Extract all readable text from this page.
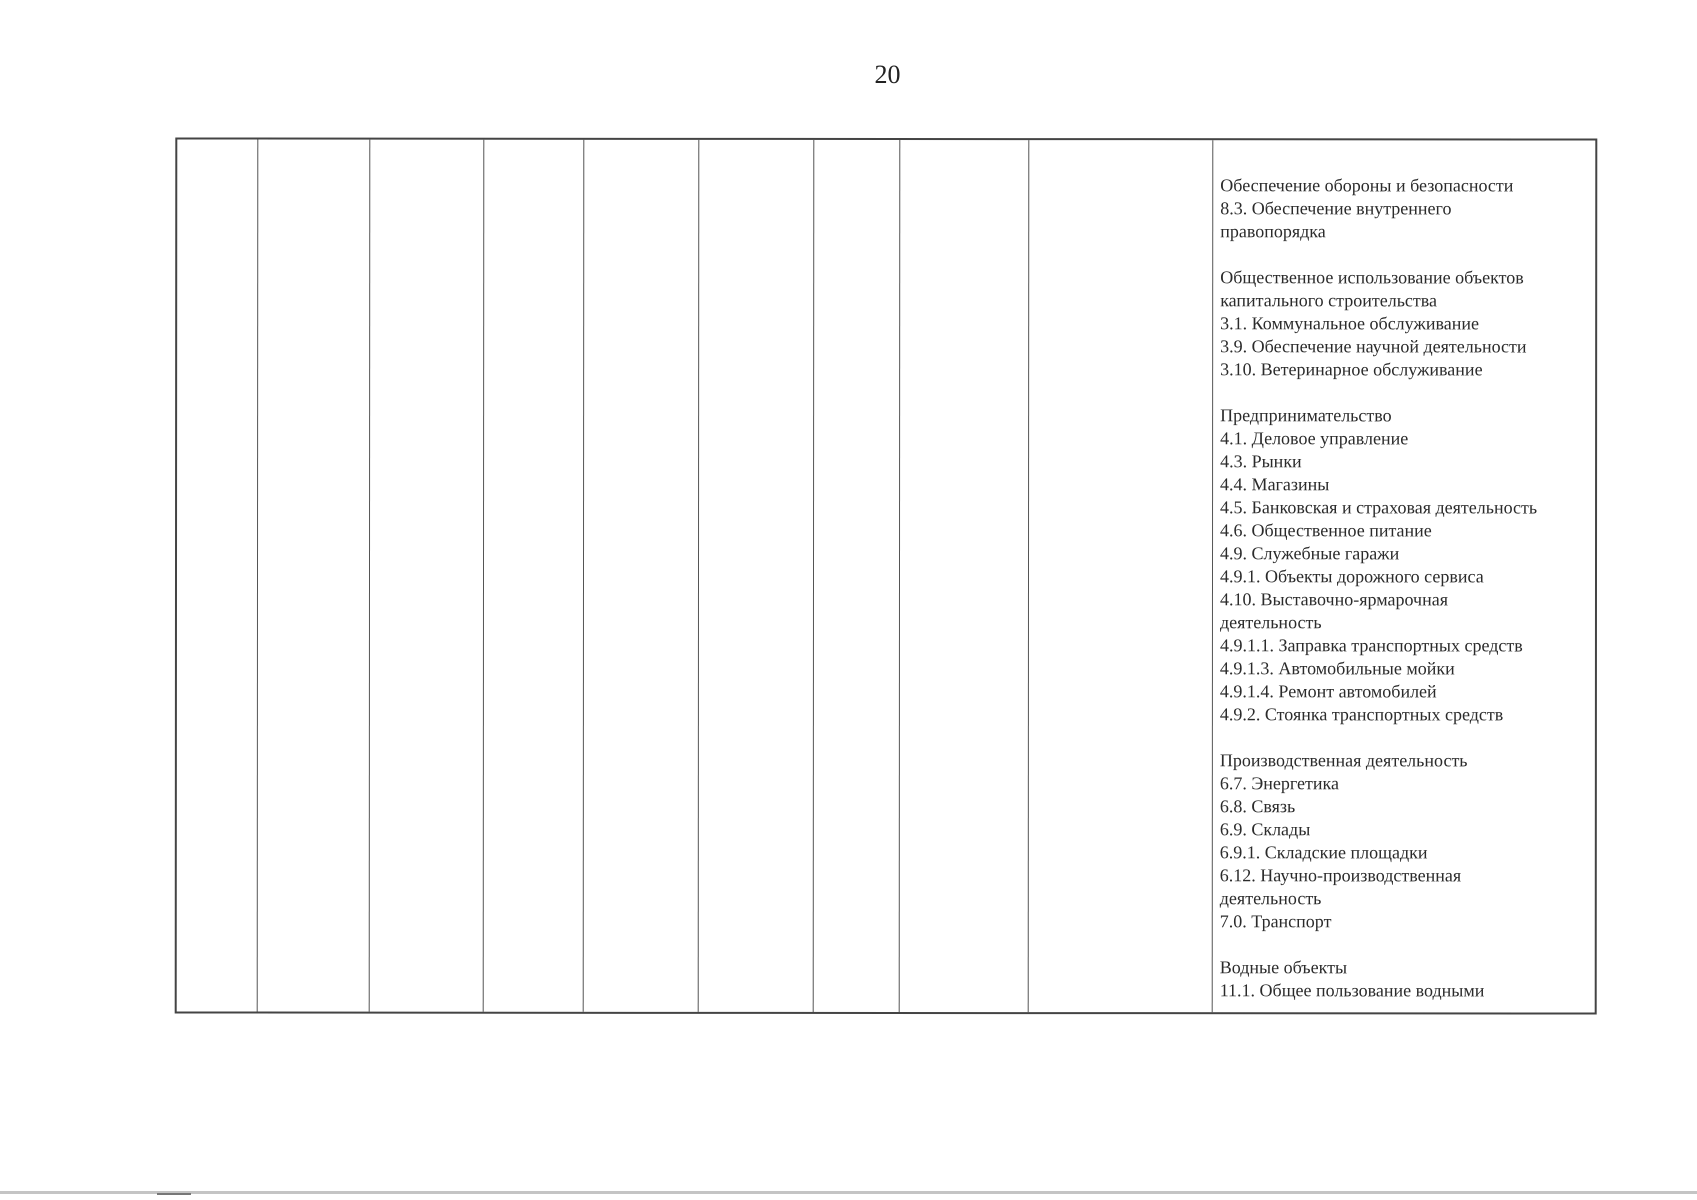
20

Обеспечение обороны и безопасности

8.3. Обеспечение внутреннего

правопорядка

Общественное использование объектов

капитального строительства

3.1. Коммунальное обслуживание

3.9. Обеспечение научной деятельности

3.10. Ветеринарное обслуживание

Предпринимательство

4.1. Деловое управление

4.3. Рынки

4.4. Магазины

4.5. Банковская и страховая деятельность

4.6. Общественное питание

4.9. Служебные гаражи

4.9.1. Объекты дорожного сервиса

4.10. Выставочно-ярмарочная

деятельность

4.9.1.1. Заправка транспортных средств

4.9.1.3. Автомобильные мойки

4.9.1.4. Ремонт автомобилей

4.9.2. Стоянка транспортных средств

Производственная деятельность

6.7. Энергетика

6.8. Связь

6.9. Склады

6.9.1. Складские площадки

6.12. Научно-производственная

деятельность

7.0. Транспорт

Водные объекты

11.1. Общее пользование водными
